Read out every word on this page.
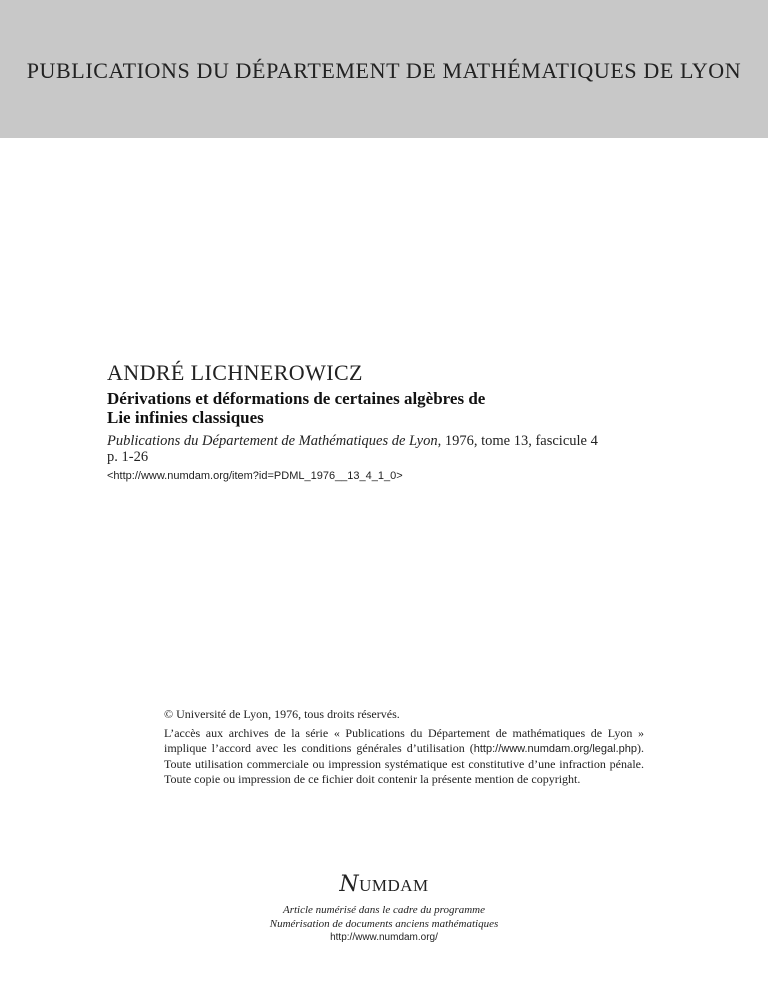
PUBLICATIONS DU DÉPARTEMENT DE MATHÉMATIQUES DE LYON
ANDRÉ LICHNEROWICZ
Dérivations et déformations de certaines algèbres de
Lie infinies classiques
Publications du Département de Mathématiques de Lyon, 1976, tome 13, fascicule 4
p. 1-26
<http://www.numdam.org/item?id=PDML_1976__13_4_1_0>
© Université de Lyon, 1976, tous droits réservés.
L’accès aux archives de la série « Publications du Département de mathématiques de Lyon » implique l’accord avec les conditions générales d’utilisation (http://www.numdam.org/legal.php). Toute utilisation commerciale ou impression systématique est constitutive d’une infraction pénale. Toute copie ou impression de ce fichier doit contenir la présente mention de copyright.
NUMDAM
Article numérisé dans le cadre du programme
Numérisation de documents anciens mathématiques
http://www.numdam.org/
